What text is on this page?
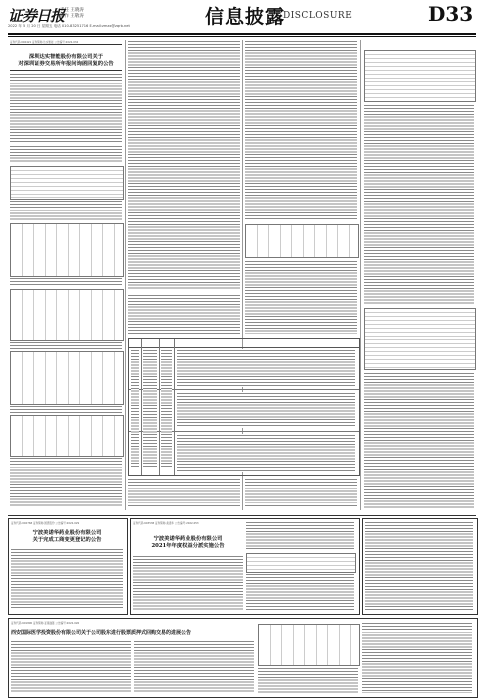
证券日报
责任 王晓涛
制作 王敬涛
2022 年 5 月 20 日 星期五 电话 010-83251716 E-mail:zmzx@zqrb.net	信息披露
DISCLOSURE	D33
证券代码:002421 证券简称:达实智能 公告编号:2022-034
深圳达实智能股份有限公司关于
对深圳证券交易所年报问询函回复的公告

证券代码:002768 证券简称:国恩股份 公告编号:2022-029
宁波美诺华药业股份有限公司
关于完成工商变更登记的公告
证券代码:603538 证券简称:美诺华 公告编号:2022-053
宁波美诺华药业股份有限公司
2021年年度权益分派实施公告
证券代码:601890 证券简称:亚星锚链 公告编号:2022-026
西安国际医学投资股份有限公司关于公司股东进行股票质押式回购交易的进展公告
